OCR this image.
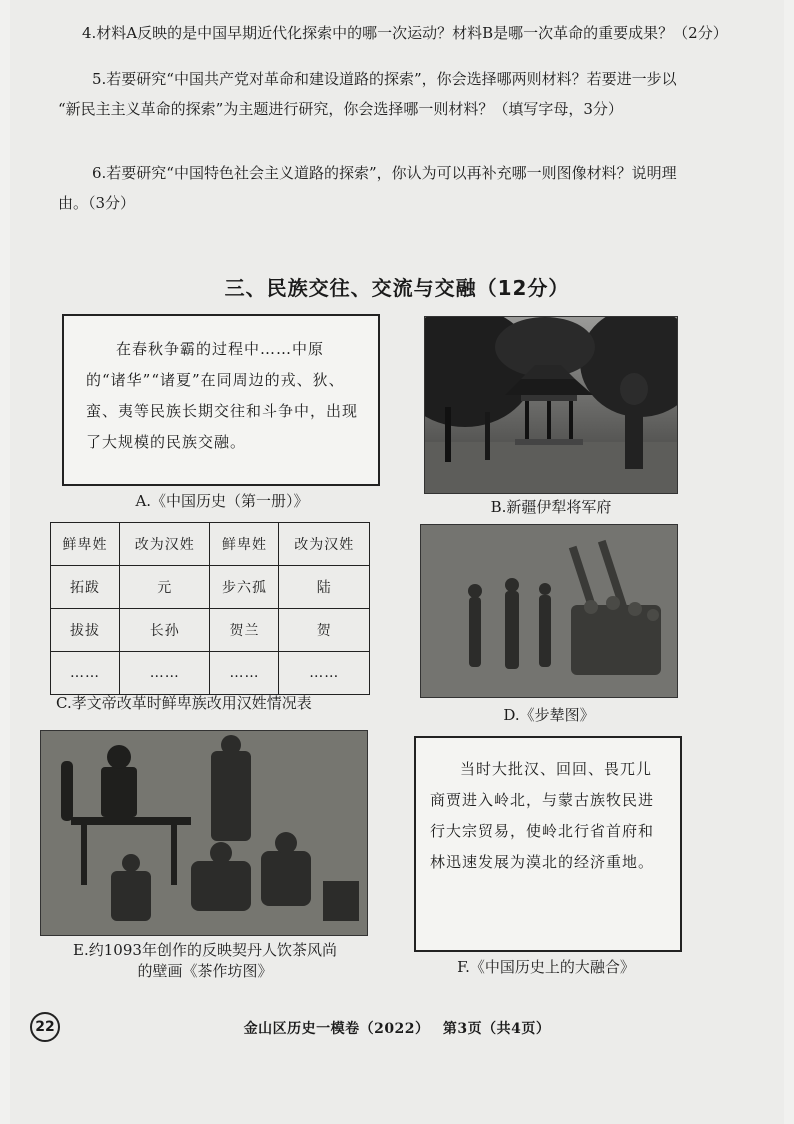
4.材料A反映的是中国早期近代化探索中的哪一次运动？材料B是哪一次革命的重要成果？（2分）
5.若要研究“中国共产党对革命和建设道路的探索”，你会选择哪两则材料？若要进一步以
“新民主主义革命的探索”为主题进行研究，你会选择哪一则材料？（填写字母，3分）
6.若要研究“中国特色社会主义道路的探索”，你认为可以再补充哪一则图像材料？说明理
由。（3分）
三、民族交往、交流与交融（12分）
在春秋争霸的过程中……中原的“诸华”“诸夏”在同周边的戎、狄、蛮、夷等民族长期交往和斗争中，出现了大规模的民族交融。
A.《中国历史（第一册）》	B.新疆伊犁将军府
鲜卑姓	改为汉姓	鲜卑姓	改为汉姓
拓跋	元	步六孤	陆
拔拔	长孙	贺兰	贺
……	……	……	……
C.孝文帝改革时鲜卑族改用汉姓情况表
D.《步辇图》
E.约1093年创作的反映契丹人饮茶风尚
的壁画《茶作坊图》
当时大批汉、回回、畏兀儿商贾进入岭北，与蒙古族牧民进行大宗贸易，使岭北行省首府和林迅速发展为漠北的经济重地。
F.《中国历史上的大融合》
22	金山区历史一模卷（2022） 第3页（共4页）
